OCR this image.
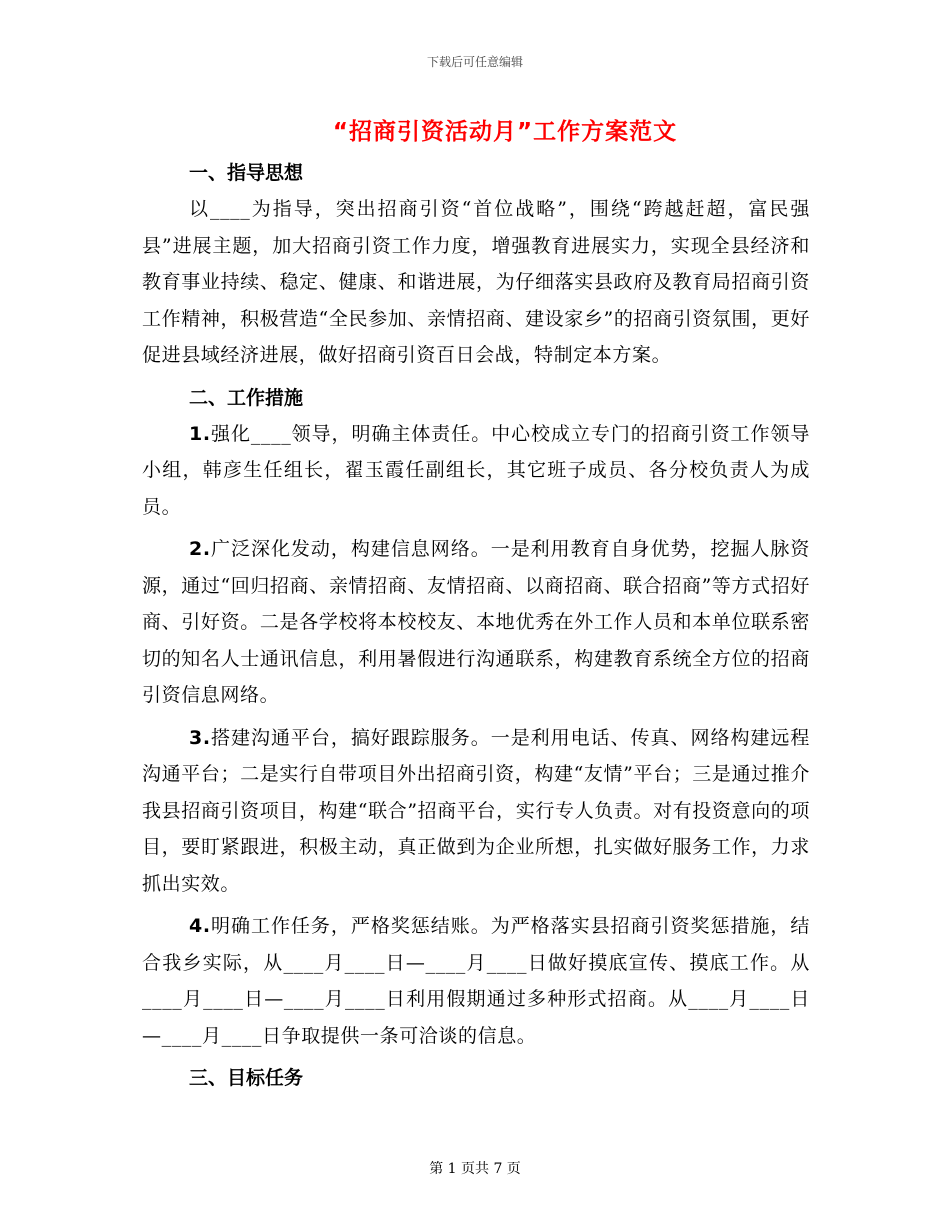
下载后可任意编辑
“招商引资活动月”工作方案范文
一、指导思想

以____为指导，突出招商引资“首位战略”，围绕“跨越赶超，富民强县”进展主题，加大招商引资工作力度，增强教育进展实力，实现全县经济和教育事业持续、稳定、健康、和谐进展，为仔细落实县政府及教育局招商引资工作精神，积极营造“全民参加、亲情招商、建设家乡”的招商引资氛围，更好促进县域经济进展，做好招商引资百日会战，特制定本方案。

二、工作措施

1.强化____领导，明确主体责任。中心校成立专门的招商引资工作领导小组，韩彦生任组长，翟玉霞任副组长，其它班子成员、各分校负责人为成员。

2.广泛深化发动，构建信息网络。一是利用教育自身优势，挖掘人脉资源，通过“回归招商、亲情招商、友情招商、以商招商、联合招商”等方式招好商、引好资。二是各学校将本校校友、本地优秀在外工作人员和本单位联系密切的知名人士通讯信息，利用暑假进行沟通联系，构建教育系统全方位的招商引资信息网络。

3.搭建沟通平台，搞好跟踪服务。一是利用电话、传真、网络构建远程沟通平台；二是实行自带项目外出招商引资，构建“友情”平台；三是通过推介我县招商引资项目，构建“联合”招商平台，实行专人负责。对有投资意向的项目，要盯紧跟进，积极主动，真正做到为企业所想，扎实做好服务工作，力求抓出实效。

4.明确工作任务，严格奖惩结账。为严格落实县招商引资奖惩措施，结合我乡实际，从____月____日—____月____日做好摸底宣传、摸底工作。从____月____日—____月____日利用假期通过多种形式招商。从____月____日—____月____日争取提供一条可洽谈的信息。

三、目标任务
第 1 页共 7 页
